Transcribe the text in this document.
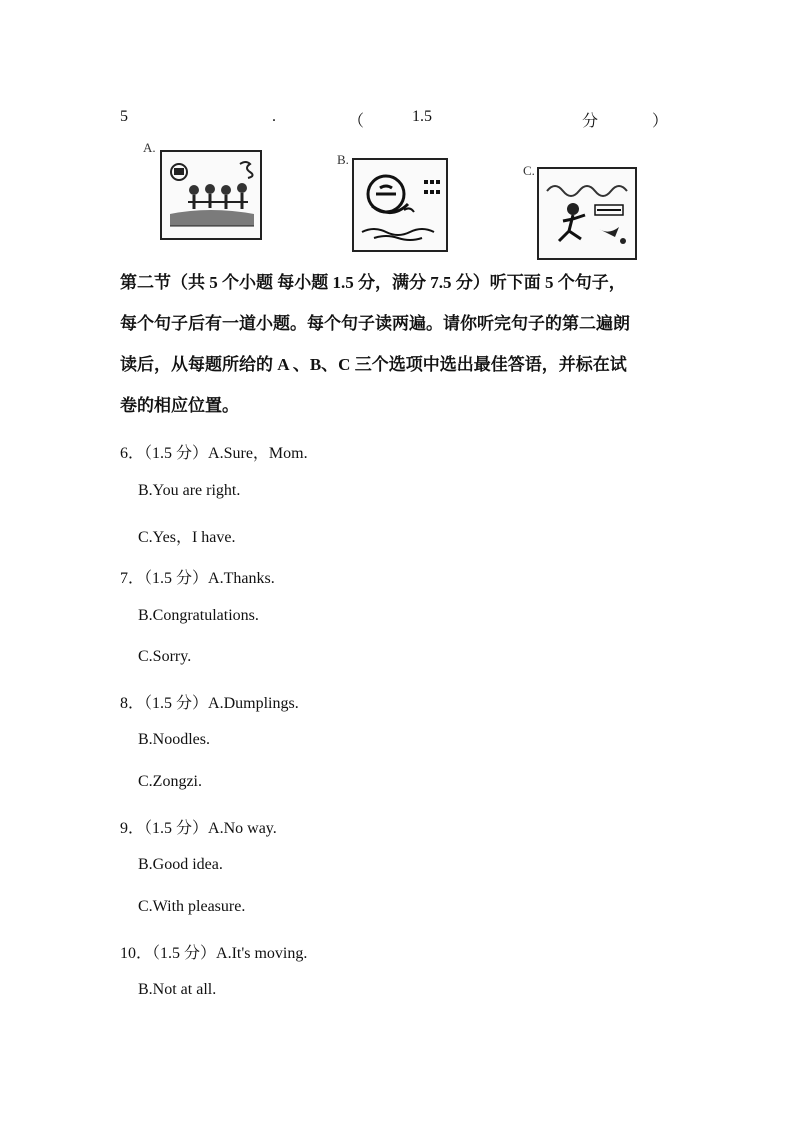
5	.	（	1.5	分	）
A.
B.
C.
第二节（共 5 个小题 每小题 1.5 分，满分 7.5 分）听下面 5 个句子，
每个句子后有一道小题。每个句子读两遍。请你听完句子的第二遍朗
读后，从每题所给的 A 、B、C 三个选项中选出最佳答语，并标在试
卷的相应位置。
6．（1.5 分）A.Sure，Mom.
B.You are right.
C.Yes，I have.
7．（1.5 分）A.Thanks.
B.Congratulations.
C.Sorry.
8．（1.5 分）A.Dumplings.
B.Noodles.
C.Zongzi.
9．（1.5 分）A.No way.
B.Good idea.
C.With pleasure.
10．（1.5 分）A.It's moving.
B.Not at all.
